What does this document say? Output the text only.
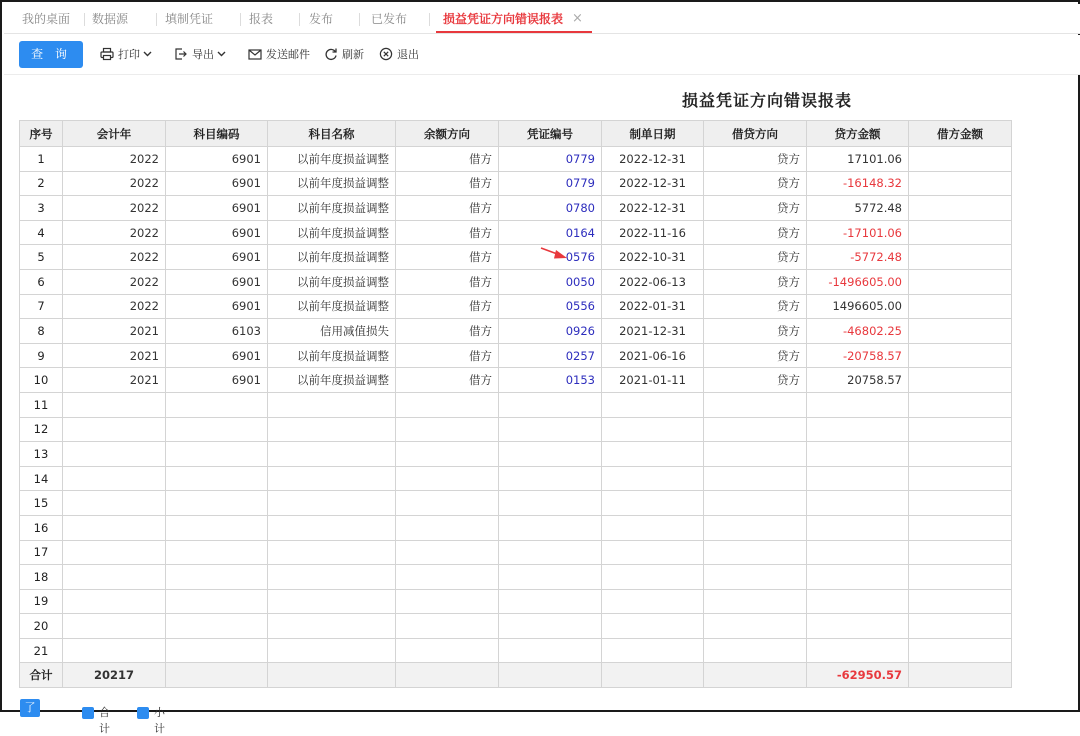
我的桌面 数据源	填制凭证	报表	发布	已发布	损益凭证方向错误报表 ×
查 询	打印	导出	发送邮件	刷新	退出
损益凭证方向错误报表
序号	会计年	科目编码	科目名称	余额方向	凭证编号	制单日期	借贷方向	贷方金额	借方金额
1	2022	6901	以前年度损益调整	借方	0779	2022-12-31	贷方	17101.06	
2	2022	6901	以前年度损益调整	借方	0779	2022-12-31	贷方	-16148.32	
3	2022	6901	以前年度损益调整	借方	0780	2022-12-31	贷方	5772.48	
4	2022	6901	以前年度损益调整	借方	0164	2022-11-16	贷方	-17101.06	
5	2022	6901	以前年度损益调整	借方	0576	2022-10-31	贷方	-5772.48	
6	2022	6901	以前年度损益调整	借方	0050	2022-06-13	贷方	-1496605.00	
7	2022	6901	以前年度损益调整	借方	0556	2022-01-31	贷方	1496605.00	
8	2021	6103	信用减值损失	借方	0926	2021-12-31	贷方	-46802.25	
9	2021	6901	以前年度损益调整	借方	0257	2021-06-16	贷方	-20758.57	
10	2021	6901	以前年度损益调整	借方	0153	2021-01-11	贷方	20758.57	
11									
12									
13									
14									
15									
16									
17									
18									
19									
20									
21									
合计	20217							-62950.57	
了	合计
小计
